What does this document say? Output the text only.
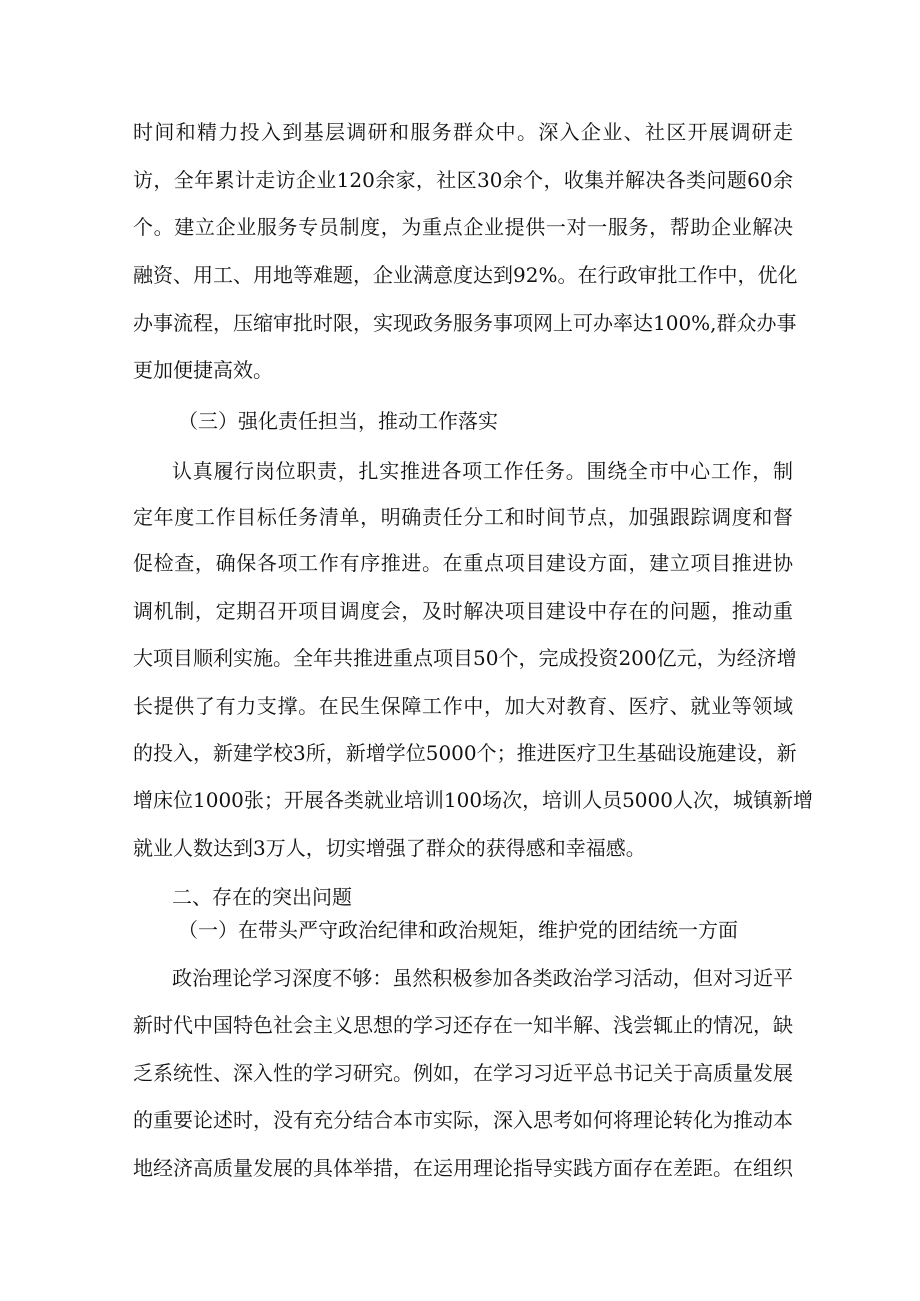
时间和精力投入到基层调研和服务群众中。深入企业、社区开展调研走
访，全年累计走访企业120余家，社区30余个，收集并解决各类问题60余
个。建立企业服务专员制度，为重点企业提供一对一服务，帮助企业解决
融资、用工、用地等难题，企业满意度达到92%。在行政审批工作中，优化
办事流程，压缩审批时限，实现政务服务事项网上可办率达100%,群众办事
更加便捷高效。
（三）强化责任担当，推动工作落实
认真履行岗位职责，扎实推进各项工作任务。围绕全市中心工作，制
定年度工作目标任务清单，明确责任分工和时间节点，加强跟踪调度和督
促检查，确保各项工作有序推进。在重点项目建设方面，建立项目推进协
调机制，定期召开项目调度会，及时解决项目建设中存在的问题，推动重
大项目顺利实施。全年共推进重点项目50个，完成投资200亿元，为经济增
长提供了有力支撑。在民生保障工作中，加大对教育、医疗、就业等领域
的投入，新建学校3所，新增学位5000个；推进医疗卫生基础设施建设，新
增床位1000张；开展各类就业培训100场次，培训人员5000人次，城镇新增
就业人数达到3万人，切实增强了群众的获得感和幸福感。
二、存在的突出问题
（一）在带头严守政治纪律和政治规矩，维护党的团结统一方面
政治理论学习深度不够：虽然积极参加各类政治学习活动，但对习近平
新时代中国特色社会主义思想的学习还存在一知半解、浅尝辄止的情况，缺
乏系统性、深入性的学习研究。例如，在学习习近平总书记关于高质量发展
的重要论述时，没有充分结合本市实际，深入思考如何将理论转化为推动本
地经济高质量发展的具体举措，在运用理论指导实践方面存在差距。在组织
